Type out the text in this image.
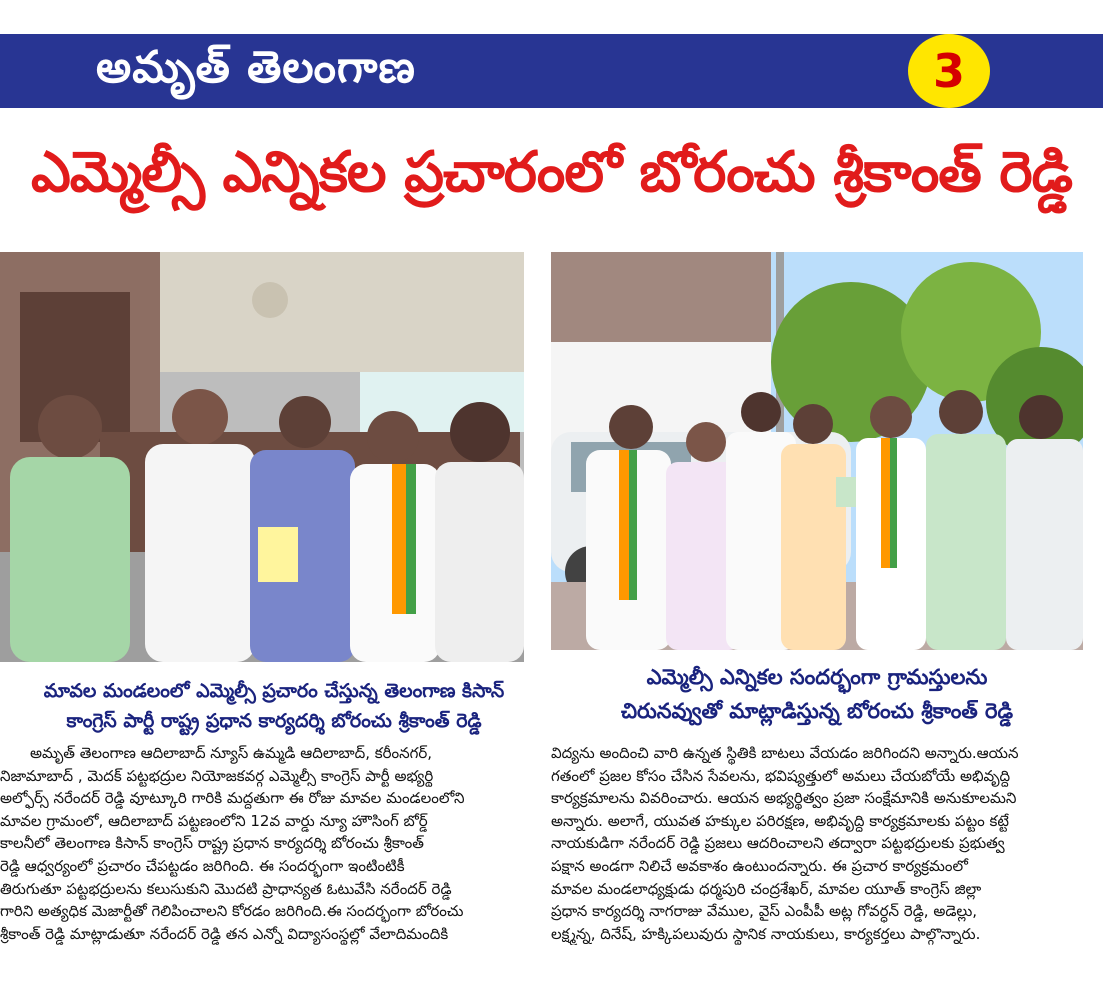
అమృత్ తెలంగాణ	3
ఎమ్మెల్సీ ఎన్నికల ప్రచారంలో బోరంచు శ్రీకాంత్ రెడ్డి
మావల మండలంలో ఎమ్మెల్సీ ప్రచారం చేస్తున్న తెలంగాణ కిసాన్
కాంగ్రెస్ పార్టీ రాష్ట్ర ప్రధాన కార్యదర్శి బోరంచు శ్రీకాంత్ రెడ్డి
ఎమ్మెల్సీ ఎన్నికల సందర్భంగా గ్రామస్తులను
చిరునవ్వుతో మాట్లాడిస్తున్న బోరంచు శ్రీకాంత్ రెడ్డి
అమృత్ తెలంగాణ ఆదిలాబాద్ న్యూస్ ఉమ్మడి ఆదిలాబాద్, కరీంనగర్,
నిజామాబాద్ , మెదక్ పట్టభద్రుల నియోజకవర్గ ఎమ్మెల్సీ కాంగ్రెస్ పార్టీ అభ్యర్థి
అల్ఫోర్స్ నరేందర్ రెడ్డి వూట్కూరి గారికి మద్దతుగా ఈ రోజు మావల మండలంలోని
మావల గ్రామంలో, ఆదిలాబాద్ పట్టణంలోని 12వ వార్డు న్యూ హౌసింగ్ బోర్డ్
కాలనీలో తెలంగాణ కిసాన్ కాంగ్రెస్ రాష్ట్ర ప్రధాన కార్యదర్శి బోరంచు శ్రీకాంత్
రెడ్డి ఆధ్వర్యంలో ప్రచారం చేపట్టడం జరిగింది. ఈ సందర్భంగా ఇంటింటికీ
తిరుగుతూ పట్టభద్రులను కలుసుకుని మొదటి ప్రాధాన్యత ఓటువేసి నరేందర్ రెడ్డి
గారిని అత్యధిక మెజార్టీతో గెలిపించాలని కోరడం జరిగింది.ఈ సందర్భంగా బోరంచు
శ్రీకాంత్ రెడ్డి మాట్లాడుతూ నరేందర్ రెడ్డి తన ఎన్నో విద్యాసంస్థల్లో వేలాదిమందికి
విద్యను అందించి వారి ఉన్నత స్థితికి బాటలు వేయడం జరిగిందని అన్నారు.ఆయన
గతంలో ప్రజల కోసం చేసిన సేవలను, భవిష్యత్తులో అమలు చేయబోయే అభివృద్ధి
కార్యక్రమాలను వివరించారు. ఆయన అభ్యర్థిత్వం ప్రజా సంక్షేమానికి అనుకూలమని
అన్నారు. అలాగే, యువత హక్కుల పరిరక్షణ, అభివృద్ధి కార్యక్రమాలకు పట్టం కట్టే
నాయకుడిగా నరేందర్ రెడ్డి ప్రజలు ఆదరించాలని తద్వారా పట్టభద్రులకు ప్రభుత్వ
పక్షాన అండగా నిలిచే అవకాశం ఉంటుందన్నారు. ఈ ప్రచార కార్యక్రమంలో
మావల మండలాధ్యక్షుడు ధర్మపురి చంద్రశేఖర్, మావల యూత్ కాంగ్రెస్ జిల్లా
ప్రధాన కార్యదర్శి నాగరాజు వేముల, వైస్ ఎంపీపీ అట్ల గోవర్ధన్ రెడ్డి, అడెల్లు,
లక్ష్మన్న, దినేష్, హక్కిపలువురు స్థానిక నాయకులు, కార్యకర్తలు పాల్గొన్నారు.
